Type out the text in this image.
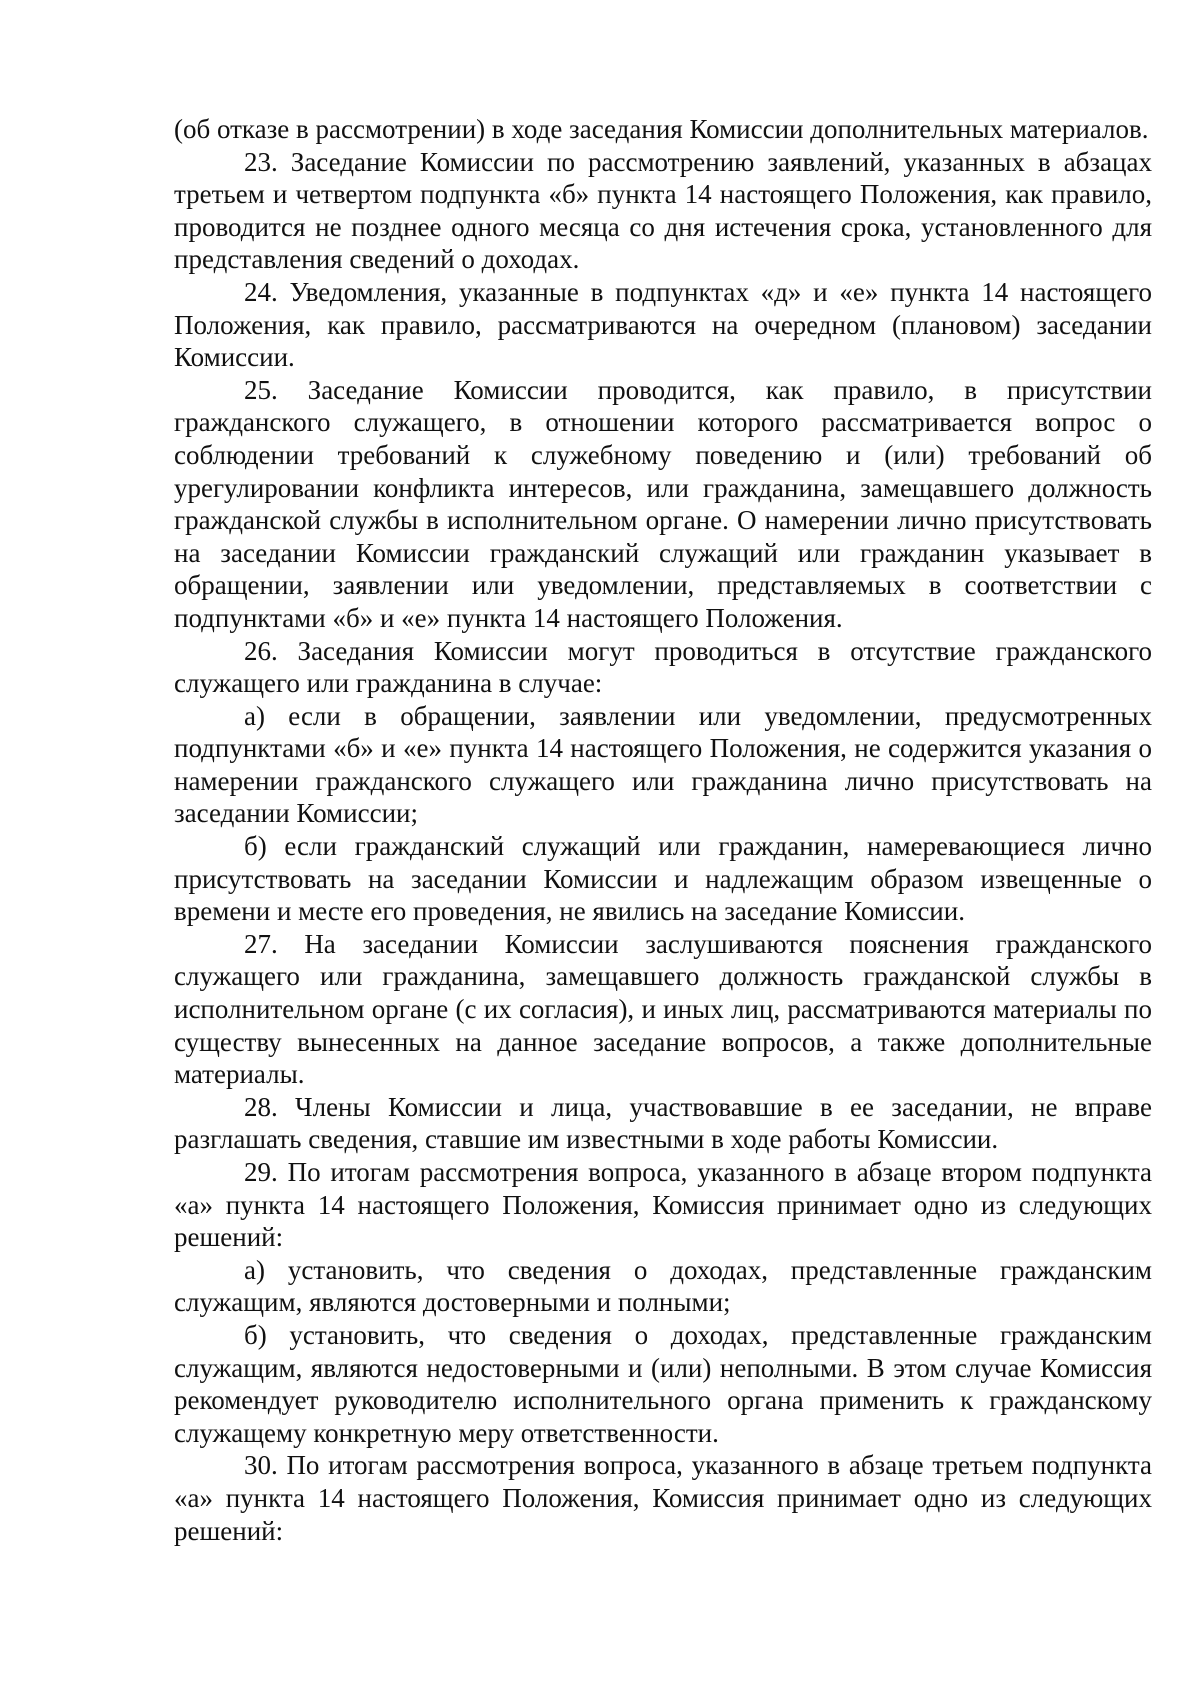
(об отказе в рассмотрении) в ходе заседания Комиссии дополнительных материалов.

23. Заседание Комиссии по рассмотрению заявлений, указанных в абзацах третьем и четвертом подпункта «б» пункта 14 настоящего Положения, как правило, проводится не позднее одного месяца со дня истечения срока, установленного для представления сведений о доходах.

24. Уведомления, указанные в подпунктах «д» и «е» пункта 14 настоящего Положения, как правило, рассматриваются на очередном (плановом) заседании Комиссии.

25. Заседание Комиссии проводится, как правило, в присутствии гражданского служащего, в отношении которого рассматривается вопрос о соблюдении требований к служебному поведению и (или) требований об урегулировании конфликта интересов, или гражданина, замещавшего должность гражданской службы в исполнительном органе. О намерении лично присутствовать на заседании Комиссии гражданский служащий или гражданин указывает в обращении, заявлении или уведомлении, представляемых в соответствии с подпунктами «б» и «е» пункта 14 настоящего Положения.

26. Заседания Комиссии могут проводиться в отсутствие гражданского служащего или гражданина в случае:

а) если в обращении, заявлении или уведомлении, предусмотренных подпунктами «б» и «е» пункта 14 настоящего Положения, не содержится указания о намерении гражданского служащего или гражданина лично присутствовать на заседании Комиссии;

б) если гражданский служащий или гражданин, намеревающиеся лично присутствовать на заседании Комиссии и надлежащим образом извещенные о времени и месте его проведения, не явились на заседание Комиссии.

27. На заседании Комиссии заслушиваются пояснения гражданского служащего или гражданина, замещавшего должность гражданской службы в исполнительном органе (с их согласия), и иных лиц, рассматриваются материалы по существу вынесенных на данное заседание вопросов, а также дополнительные материалы.

28. Члены Комиссии и лица, участвовавшие в ее заседании, не вправе разглашать сведения, ставшие им известными в ходе работы Комиссии.

29. По итогам рассмотрения вопроса, указанного в абзаце втором подпункта «а» пункта 14 настоящего Положения, Комиссия принимает одно из следующих решений:

а) установить, что сведения о доходах, представленные гражданским служащим, являются достоверными и полными;

б) установить, что сведения о доходах, представленные гражданским служащим, являются недостоверными и (или) неполными. В этом случае Комиссия рекомендует руководителю исполнительного органа применить к гражданскому служащему конкретную меру ответственности.

30. По итогам рассмотрения вопроса, указанного в абзаце третьем подпункта «а» пункта 14 настоящего Положения, Комиссия принимает одно из следующих решений:
